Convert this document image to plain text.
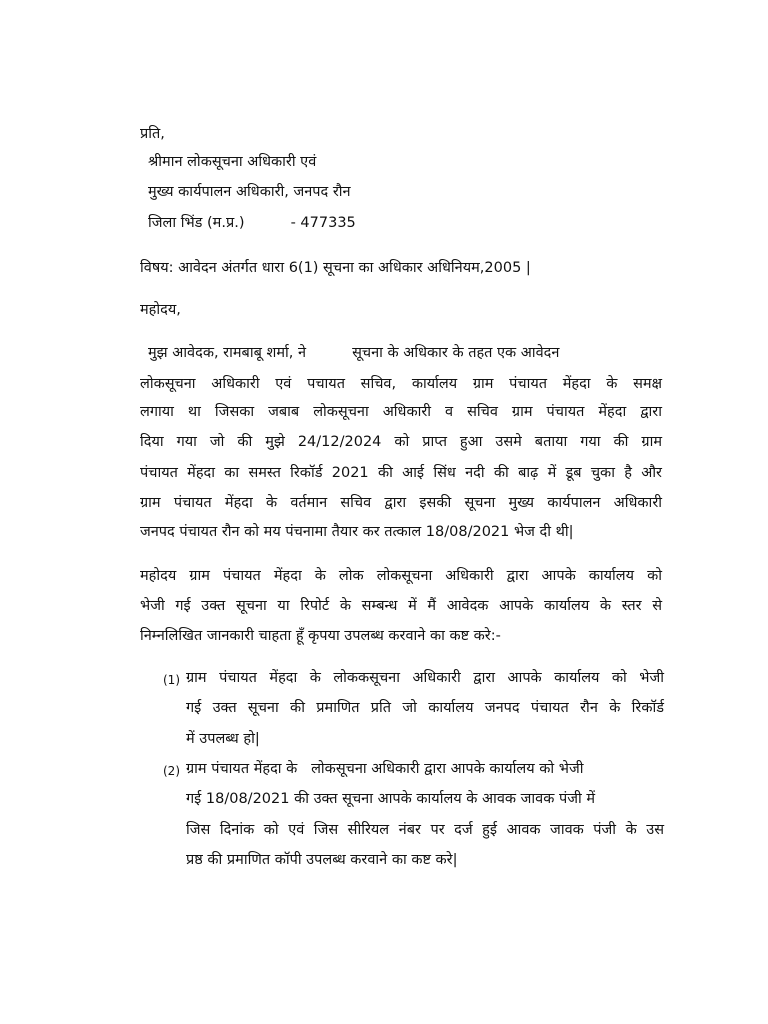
प्रति,
श्रीमान लोकसूचना अधिकारी एवं
मुख्य कार्यपालन अधिकारी, जनपद रौन
जिला भिंड (म.प्र.)          - 477335
विषय: आवेदन अंतर्गत धारा 6(1) सूचना का अधिकार अधिनियम,2005 |
महोदय,
मुझ आवेदक, रामबाबू शर्मा, ने          सूचना के अधिकार के तहत एक आवेदन
लोकसूचना अधिकारी एवं पचायत सचिव, कार्यालय ग्राम पंचायत मेंहदा के समक्ष
लगाया था जिसका जबाब लोकसूचना अधिकारी व सचिव ग्राम पंचायत मेंहदा द्वारा
दिया गया जो की मुझे 24/12/2024 को प्राप्त हुआ उसमे बताया गया की ग्राम
पंचायत मेंहदा का समस्त रिकॉर्ड 2021 की आई सिंध नदी की बाढ़ में डूब चुका है और
ग्राम पंचायत मेंहदा के वर्तमान सचिव द्वारा इसकी सूचना मुख्य कार्यपालन अधिकारी
जनपद पंचायत रौन को मय पंचनामा तैयार कर तत्काल 18/08/2021 भेज दी थी|
महोदय ग्राम पंचायत मेंहदा के लोक लोकसूचना अधिकारी द्वारा आपके कार्यालय को
भेजी गई उक्त सूचना या रिपोर्ट के सम्बन्ध में मैं आवेदक आपके कार्यालय के स्तर से
निम्नलिखित जानकारी चाहता हूँ कृपया उपलब्ध करवाने का कष्ट करे:-
(1) ग्राम पंचायत मेंहदा के लोककसूचना अधिकारी द्वारा आपके कार्यालय को भेजी
गई उक्त सूचना की प्रमाणित प्रति जो कार्यालय जनपद पंचायत रौन के रिकॉर्ड
में उपलब्ध हो|
(2) ग्राम पंचायत मेंहदा के   लोकसूचना अधिकारी द्वारा आपके कार्यालय को भेजी
गई 18/08/2021 की उक्त सूचना आपके कार्यालय के आवक जावक पंजी में
जिस दिनांक को एवं जिस सीरियल नंबर पर दर्ज हुई आवक जावक पंजी के उस
प्रष्ठ की प्रमाणित कॉपी उपलब्ध करवाने का कष्ट करे|
